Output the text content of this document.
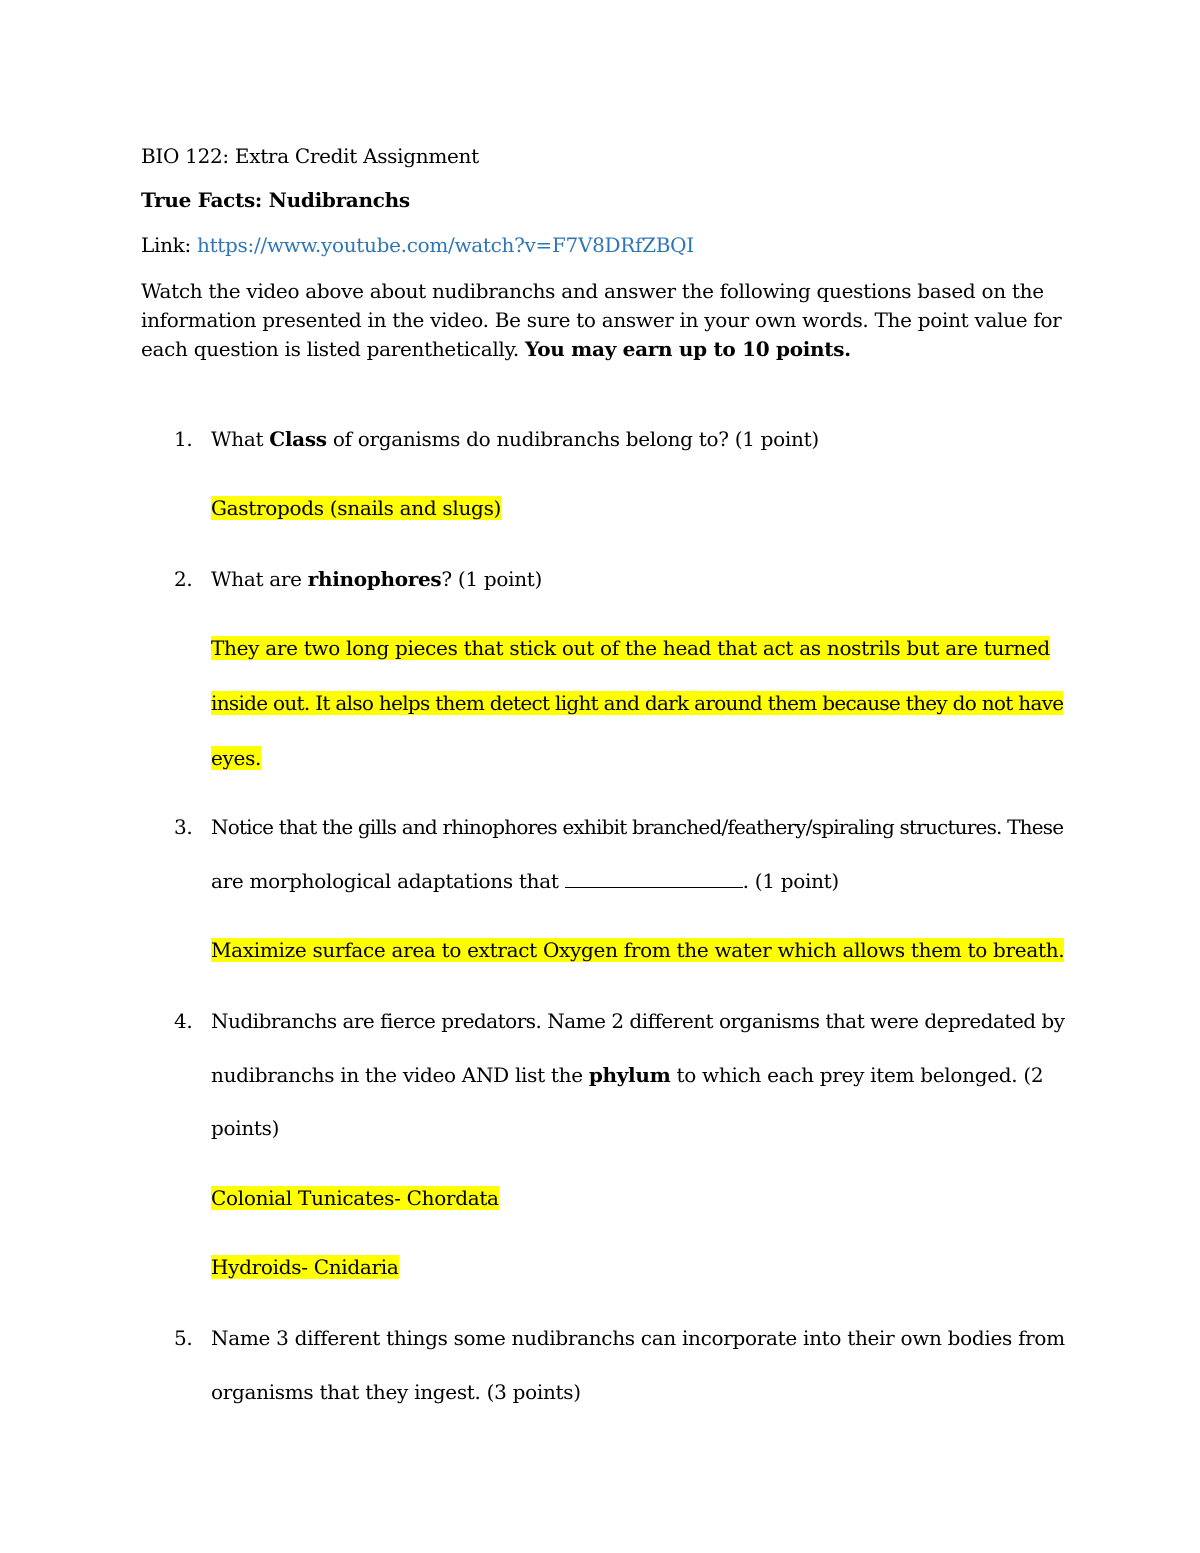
BIO 122: Extra Credit Assignment
True Facts: Nudibranchs
Link: https://www.youtube.com/watch?v=F7V8DRfZBQI
Watch the video above about nudibranchs and answer the following questions based on the
information presented in the video. Be sure to answer in your own words. The point value for
each question is listed parenthetically. You may earn up to 10 points.
1. What Class of organisms do nudibranchs belong to? (1 point)
Gastropods (snails and slugs)
2. What are rhinophores? (1 point)
They are two long pieces that stick out of the head that act as nostrils but are turned
inside out. It also helps them detect light and dark around them because they do not have
eyes.
3. Notice that the gills and rhinophores exhibit branched/feathery/spiraling structures. These
are morphological adaptations that	. (1 point)
Maximize surface area to extract Oxygen from the water which allows them to breath.
4. Nudibranchs are fierce predators. Name 2 different organisms that were depredated by
nudibranchs in the video AND list the phylum to which each prey item belonged. (2
points)
Colonial Tunicates- Chordata
Hydroids- Cnidaria
5. Name 3 different things some nudibranchs can incorporate into their own bodies from
organisms that they ingest. (3 points)
